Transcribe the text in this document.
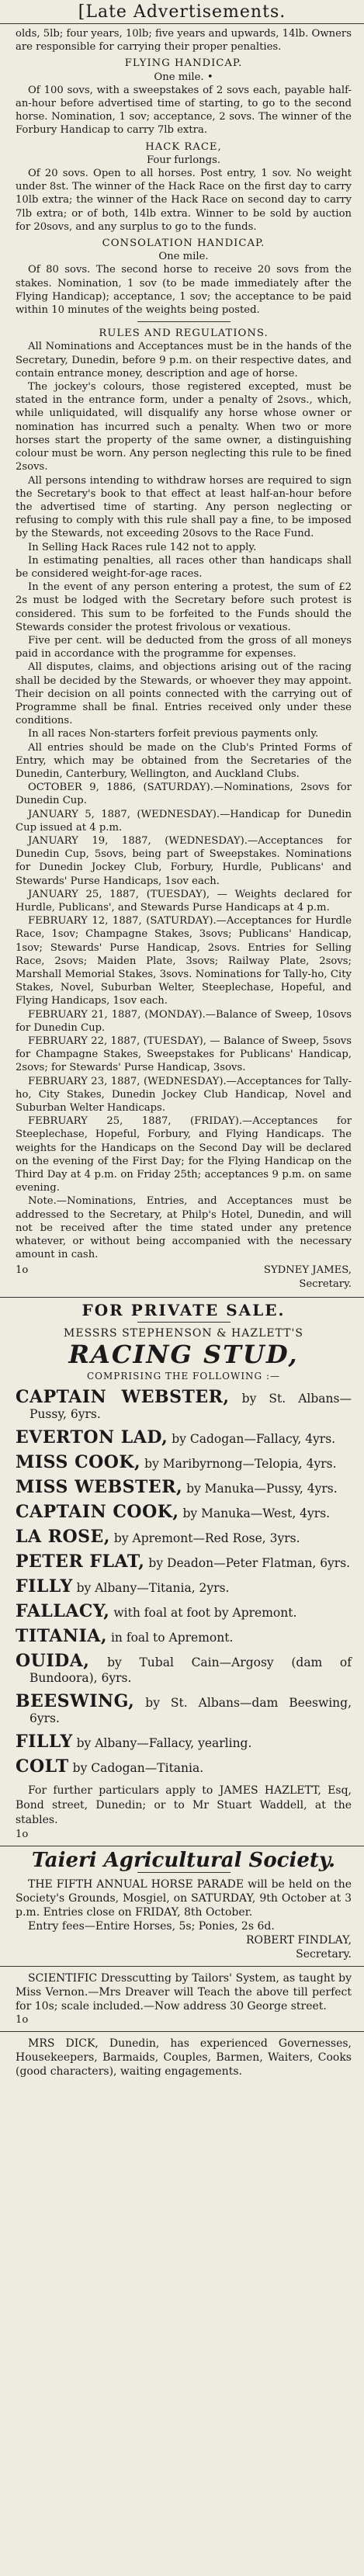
[Late Advertisements.

olds, 5lb; four years, 10lb; five years and upwards, 14lb. Owners are responsible for carrying their proper penalties.

FLYING HANDICAP.

One mile. •

Of 100 sovs, with a sweepstakes of 2 sovs each, payable half-an-hour before advertised time of starting, to go to the second horse. Nomination, 1 sov; acceptance, 2 sovs. The winner of the Forbury Handicap to carry 7lb extra.

HACK RACE,

Four furlongs.

Of 20 sovs. Open to all horses. Post entry, 1 sov. No weight under 8st. The winner of the Hack Race on the first day to carry 10lb extra; the winner of the Hack Race on second day to carry 7lb extra; or of both, 14lb extra. Winner to be sold by auction for 20sovs, and any surplus to go to the funds.

CONSOLATION HANDICAP.

One mile.

Of 80 sovs. The second horse to receive 20 sovs from the stakes. Nomination, 1 sov (to be made immediately after the Flying Handicap); acceptance, 1 sov; the acceptance to be paid within 10 minutes of the weights being posted.

RULES AND REGULATIONS.

All Nominations and Acceptances must be in the hands of the Secretary, Dunedin, before 9 p.m. on their respective dates, and contain entrance money, description and age of horse.

The jockey's colours, those registered excepted, must be stated in the entrance form, under a penalty of 2sovs., which, while unliquidated, will disqualify any horse whose owner or nomination has incurred such a penalty. When two or more horses start the property of the same owner, a distinguishing colour must be worn. Any person neglecting this rule to be fined 2sovs.

All persons intending to withdraw horses are required to sign the Secretary's book to that effect at least half-an-hour before the advertised time of starting. Any person neglecting or refusing to comply with this rule shall pay a fine, to be imposed by the Stewards, not exceeding 20sovs to the Race Fund.

In Selling Hack Races rule 142 not to apply.

In estimating penalties, all races other than handicaps shall be considered weight-for-age races.

In the event of any person entering a protest, the sum of £2 2s must be lodged with the Secretary before such protest is considered. This sum to be forfeited to the Funds should the Stewards consider the protest frivolous or vexatious.

Five per cent. will be deducted from the gross of all moneys paid in accordance with the programme for expenses.

All disputes, claims, and objections arising out of the racing shall be decided by the Stewards, or whoever they may appoint. Their decision on all points connected with the carrying out of Programme shall be final. Entries received only under these conditions.

In all races Non-starters forfeit previous payments only.

All entries should be made on the Club's Printed Forms of Entry, which may be obtained from the Secretaries of the Dunedin, Canterbury, Wellington, and Auckland Clubs.

OCTOBER 9, 1886, (SATURDAY).—Nominations, 2sovs for Dunedin Cup.

JANUARY 5, 1887, (WEDNESDAY).—Handicap for Dunedin Cup issued at 4 p.m.

JANUARY 19, 1887, (WEDNESDAY).—Acceptances for Dunedin Cup, 5sovs, being part of Sweepstakes. Nominations for Dunedin Jockey Club, Forbury, Hurdle, Publicans' and Stewards' Purse Handicaps, 1sov each.

JANUARY 25, 1887, (TUESDAY), — Weights declared for Hurdle, Publicans', and Stewards Purse Handicaps at 4 p.m.

FEBRUARY 12, 1887, (SATURDAY).—Acceptances for Hurdle Race, 1sov; Champagne Stakes, 3sovs; Publicans' Handicap, 1sov; Stewards' Purse Handicap, 2sovs. Entries for Selling Race, 2sovs; Maiden Plate, 3sovs; Railway Plate, 2sovs; Marshall Memorial Stakes, 3sovs. Nominations for Tally-ho, City Stakes, Novel, Suburban Welter, Steeplechase, Hopeful, and Flying Handicaps, 1sov each.

FEBRUARY 21, 1887, (MONDAY).—Balance of Sweep, 10sovs for Dunedin Cup.

FEBRUARY 22, 1887, (TUESDAY), — Balance of Sweep, 5sovs for Champagne Stakes, Sweepstakes for Publicans' Handicap, 2sovs; for Stewards' Purse Handicap, 3sovs.

FEBRUARY 23, 1887, (WEDNESDAY).—Acceptances for Tally-ho, City Stakes, Dunedin Jockey Club Handicap, Novel and Suburban Welter Handicaps.

FEBRUARY 25, 1887, (FRIDAY).—Acceptances for Steeplechase, Hopeful, Forbury, and Flying Handicaps. The weights for the Handicaps on the Second Day will be declared on the evening of the First Day; for the Flying Handicap on the Third Day at 4 p.m. on Friday 25th; acceptances 9 p.m. on same evening.

Note.—Nominations, Entries, and Acceptances must be addressed to the Secretary, at Philp's Hotel, Dunedin, and will not be received after the time stated under any pretence whatever, or without being accompanied with the necessary amount in cash.

1o	SYDNEY JAMES,
Secretary.
FOR PRIVATE SALE.

MESSRS STEPHENSON & HAZLETT'S

RACING STUD,

COMPRISING THE FOLLOWING :—

CAPTAIN WEBSTER, by St. Albans—Pussy, 6yrs.

EVERTON LAD, by Cadogan—Fallacy, 4yrs.

MISS COOK, by Maribyrnong—Telopia, 4yrs.

MISS WEBSTER, by Manuka—Pussy, 4yrs.

CAPTAIN COOK, by Manuka—West, 4yrs.

LA ROSE, by Apremont—Red Rose, 3yrs.

PETER FLAT, by Deadon—Peter Flatman, 6yrs.

FILLY by Albany—Titania, 2yrs.

FALLACY, with foal at foot by Apremont.

TITANIA, in foal to Apremont.

OUIDA, by Tubal Cain—Argosy (dam of Bundoora), 6yrs.

BEESWING, by St. Albans—dam Beeswing, 6yrs.

FILLY by Albany—Fallacy, yearling.

COLT by Cadogan—Titania.

For further particulars apply to JAMES HAZLETT, Esq, Bond street, Dunedin; or to Mr Stuart Waddell, at the stables.

1o

Taieri Agricultural Society.

THE FIFTH ANNUAL HORSE PARADE will be held on the Society's Grounds, Mosgiel, on SATURDAY, 9th October at 3 p.m. Entries close on FRIDAY, 8th October.

Entry fees—Entire Horses, 5s; Ponies, 2s 6d.

ROBERT FINDLAY,
Secretary.

SCIENTIFIC Dresscutting by Tailors' System, as taught by Miss Vernon.—Mrs Dreaver will Teach the above till perfect for 10s; scale included.—Now address 30 George street.

1o

MRS DICK, Dunedin, has experienced Governesses, Housekeepers, Barmaids, Couples, Barmen, Waiters, Cooks (good characters), waiting engagements.
